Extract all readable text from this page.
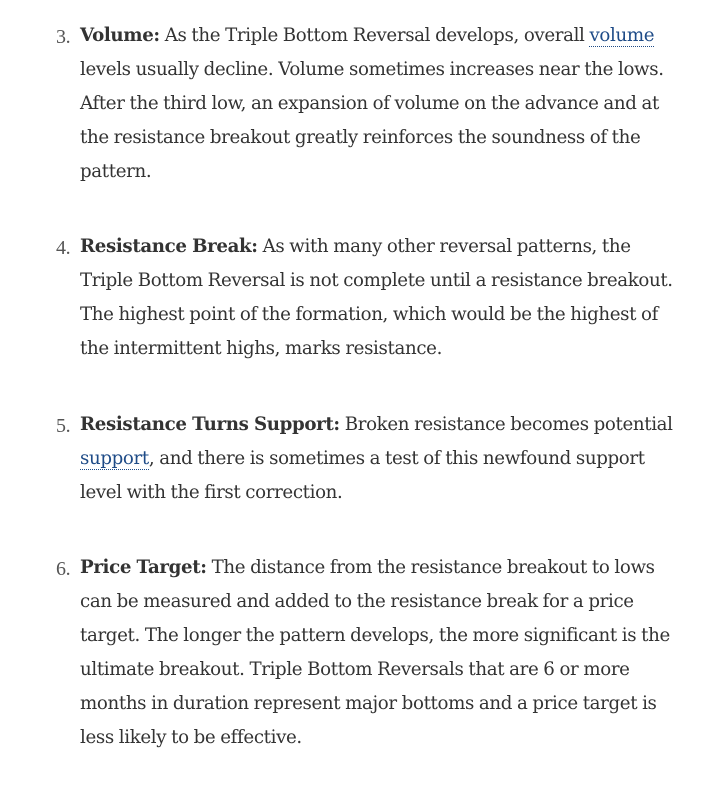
3. Volume: As the Triple Bottom Reversal develops, overall volume levels usually decline. Volume sometimes increases near the lows. After the third low, an expansion of volume on the advance and at the resistance breakout greatly reinforces the soundness of the pattern.
4. Resistance Break: As with many other reversal patterns, the Triple Bottom Reversal is not complete until a resistance breakout. The highest point of the formation, which would be the highest of the intermittent highs, marks resistance.
5. Resistance Turns Support: Broken resistance becomes potential support, and there is sometimes a test of this newfound support level with the first correction.
6. Price Target: The distance from the resistance breakout to lows can be measured and added to the resistance break for a price target. The longer the pattern develops, the more significant is the ultimate breakout. Triple Bottom Reversals that are 6 or more months in duration represent major bottoms and a price target is less likely to be effective.
